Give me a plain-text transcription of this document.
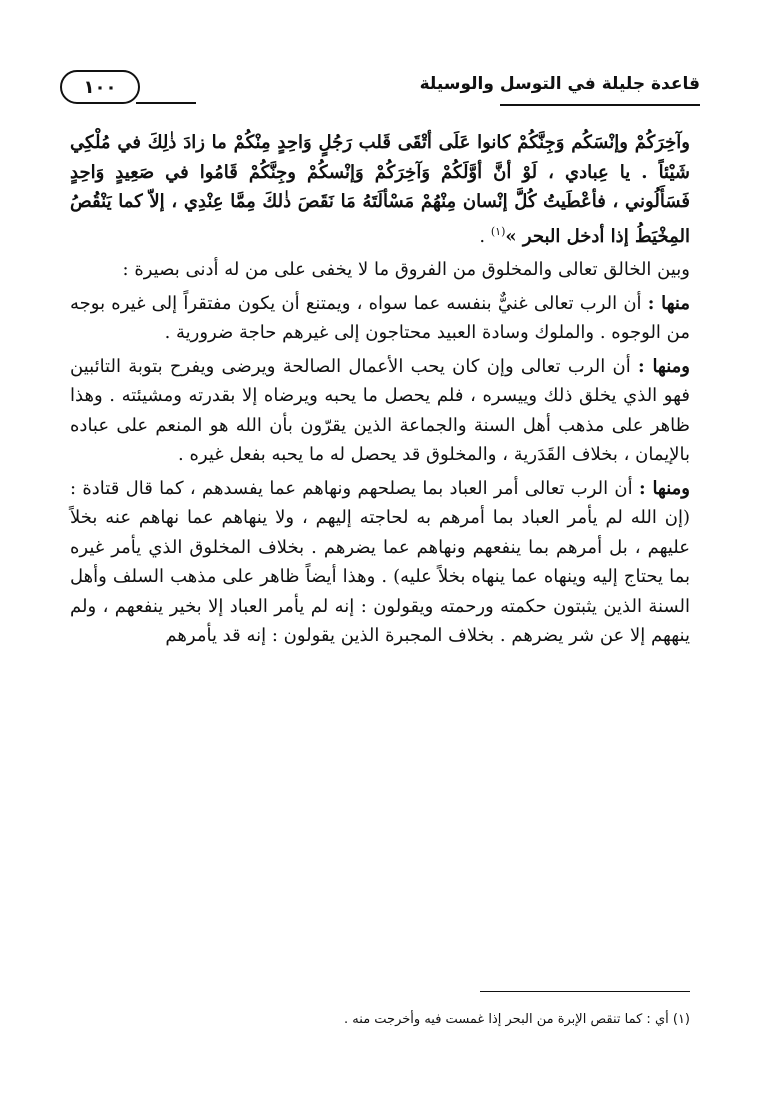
قاعدة جليلة في التوسل والوسيلة
١٠٠

وآخِرَكُمْ وإنْسَكُم وَجِنَّكُمْ كانوا عَلَى أتْقَى قَلب رَجُلٍ وَاحِدٍ مِنْكُمْ ما زادَ ذٰلِكَ في مُلْكِي شَيْئاً . يا عِبادي ، لَوْ أنَّ أوَّلَكُمْ وَآخِرَكُمْ وَإنْسكُمْ وجِنَّكُمْ قَامُوا في صَعِيدٍ وَاحِدٍ فَسَأَلُوني ، فأعْطَيتُ كُلَّ إنْسان مِنْهُمْ مَسْألَتَهُ مَا نَقَصَ ذٰلكَ مِمَّا عِنْدِي ، إلاّ كما يَنْقُصُ المِخْيَطُ إذا أدخل البحر »$^{(١)}$ .

وبين الخالق تعالى والمخلوق من الفروق ما لا يخفى على من له أدنى بصيرة :

منها : أن الرب تعالى غنيٌّ بنفسه عما سواه ، ويمتنع أن يكون مفتقراً إلى غيره بوجه من الوجوه . والملوك وسادة العبيد محتاجون إلى غيرهم حاجة ضرورية .

ومنها : أن الرب تعالى وإن كان يحب الأعمال الصالحة ويرضى ويفرح بتوبة التائبين فهو الذي يخلق ذلك وييسره ، فلم يحصل ما يحبه ويرضاه إلا بقدرته ومشيئته . وهذا ظاهر على مذهب أهل السنة والجماعة الذين يقرّون بأن الله هو المنعم على عباده بالإيمان ، بخلاف القَدَرية ، والمخلوق قد يحصل له ما يحبه بفعل غيره .

ومنها : أن الرب تعالى أمر العباد بما يصلحهم ونهاهم عما يفسدهم ، كما قال قتادة : (إن الله لم يأمر العباد بما أمرهم به لحاجته إليهم ، ولا ينهاهم عما نهاهم عنه بخلاً عليهم ، بل أمرهم بما ينفعهم ونهاهم عما يضرهم . بخلاف المخلوق الذي يأمر غيره بما يحتاج إليه وينهاه عما ينهاه بخلاً عليه) . وهذا أيضاً ظاهر على مذهب السلف وأهل السنة الذين يثبتون حكمته ورحمته ويقولون : إنه لم يأمر العباد إلا بخير ينفعهم ، ولم ينههم إلا عن شر يضرهم . بخلاف المجبرة الذين يقولون : إنه قد يأمرهم

(١) أي : كما تنقص الإبرة من البحر إذا غمست فيه وأخرجت منه .
